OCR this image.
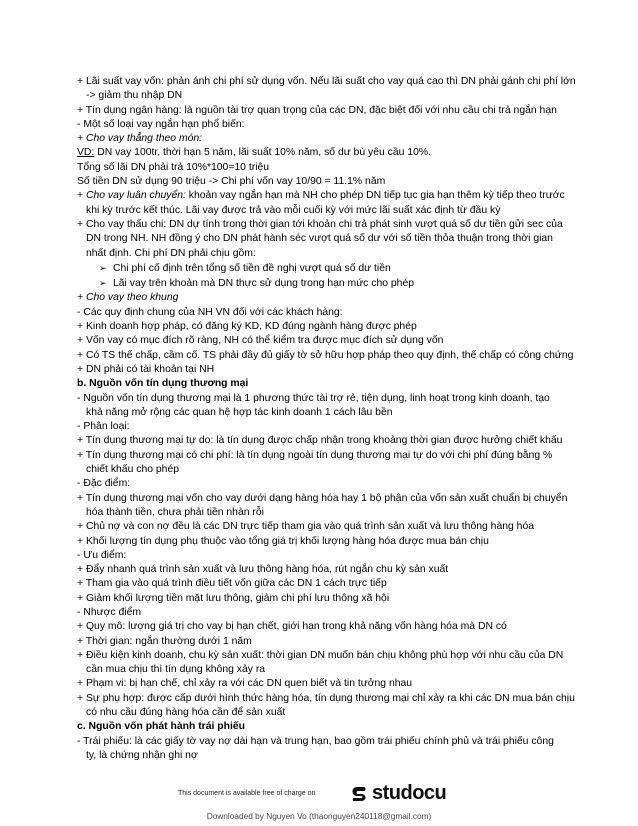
+ Lãi suất vay vốn: phản ánh chi phí sử dụng vốn. Nếu lãi suất cho vay quá cao thì DN phải gánh chi phí lớn
-> giảm thu nhập DN
+ Tín dụng ngân hàng: là nguồn tài trợ quan trọng của các DN, đặc biệt đối với nhu cầu chi trả ngắn hạn
- Một số loại vay ngắn hạn phổ biến:
+ Cho vay thẳng theo món:
VD: DN vay 100tr, thời hạn 5 năm, lãi suất 10% năm, số dư bù yêu cầu 10%.
Tổng số lãi DN phải trả 10%*100=10 triệu
Số tiền DN sử dụng 90 triệu -> Chi phí vốn vay 10/90 = 11.1% năm
+ Cho vay luân chuyển: khoản vay ngắn hạn mà NH cho phép DN tiếp tục gia hạn thêm kỳ tiếp theo trước
khi kỳ trước kết thúc. Lãi vay được trả vào mỗi cuối kỳ với mức lãi suất xác định từ đầu kỳ
+ Cho vay thấu chi: DN dự tính trong thời gian tới khoản chi trả phát sinh vượt quá số dư tiền gửi sec của
DN trong NH. NH đồng ý cho DN phát hành séc vượt quá số dư với số tiền thỏa thuận trong thời gian
nhất định. Chi phí DN phải chịu gồm:
➢ Chi phí cố định trên tổng số tiền đề nghị vượt quá số dư tiền
➢ Lãi vay trên khoản mà DN thực sử dụng trong hạn mức cho phép
+ Cho vay theo khung
- Các quy định chung của NH VN đối với các khách hàng:
+ Kinh doanh hợp pháp, có đăng ký KD, KD đúng ngành hàng được phép
+ Vốn vay có mục đích rõ ràng, NH có thể kiểm tra được mục đích sử dụng vốn
+ Có TS thế chấp, cầm cố. TS phải đầy đủ giấy tờ sở hữu hợp pháp theo quy định, thế chấp có công chứng
+ DN phải có tài khoản tại NH
b. Nguồn vốn tín dụng thương mại
- Nguồn vốn tín dụng thương mại là 1 phương thức tài trợ rẻ, tiện dụng, linh hoạt trong kinh doanh, tạo
khả năng mở rộng các quan hệ hợp tác kinh doanh 1 cách lâu bền
- Phân loại:
+ Tín dụng thương mại tự do: là tín dụng được chấp nhận trong khoảng thời gian được hưởng chiết khấu
+ Tín dụng thương mại có chi phí: là tín dụng ngoài tín dụng thương mại tự do với chi phí đúng bằng %
chiết khấu cho phép
- Đặc điểm:
+ Tín dụng thương mại vốn cho vay dưới dạng hàng hóa hay 1 bộ phận của vốn sản xuất chuẩn bị chuyển
hóa thành tiền, chưa phải tiền nhàn rỗi
+ Chủ nợ và con nợ đều là các DN trực tiếp tham gia vào quá trình sản xuất và lưu thông hàng hóa
+ Khối lượng tín dụng phụ thuộc vào tổng giá trị khối lượng hàng hóa được mua bán chịu
- Ưu điểm:
+ Đẩy nhanh quá trình sản xuất và lưu thông hàng hóa, rút ngắn chu kỳ sản xuất
+ Tham gia vào quá trình điều tiết vốn giữa các DN 1 cách trực tiếp
+ Giảm khối lượng tiền mặt lưu thông, giảm chi phí lưu thông xã hội
- Nhược điểm
+ Quy mô: lượng giá trị cho vay bị hạn chết, giới hạn trong khả năng vốn hàng hóa mà DN có
+ Thời gian: ngắn thường dưới 1 năm
+ Điều kiện kinh doanh, chu kỳ sản xuất: thời gian DN muốn bán chịu không phù hợp với nhu cầu của DN
cần mua chịu thì tín dụng không xảy ra
+ Phạm vi: bị hạn chế, chỉ xảy ra với các DN quen biết và tin tưởng nhau
+ Sự phụ hợp: được cấp dưới hình thức hàng hóa, tín dụng thương mại chỉ xảy ra khi các DN mua bán chịu
có nhu cầu đúng hàng hóa cần để sản xuất
c. Nguồn vốn phát hành trái phiếu
- Trái phiếu: là các giấy tờ vay nợ dài hạn và trung hạn, bao gồm trái phiếu chính phủ và trái phiếu công
ty, là chứng nhận ghi nợ
This document is available free of charge on	studocu
Downloaded by Nguyen Vo (thaonguyen240118@gmail.com)
